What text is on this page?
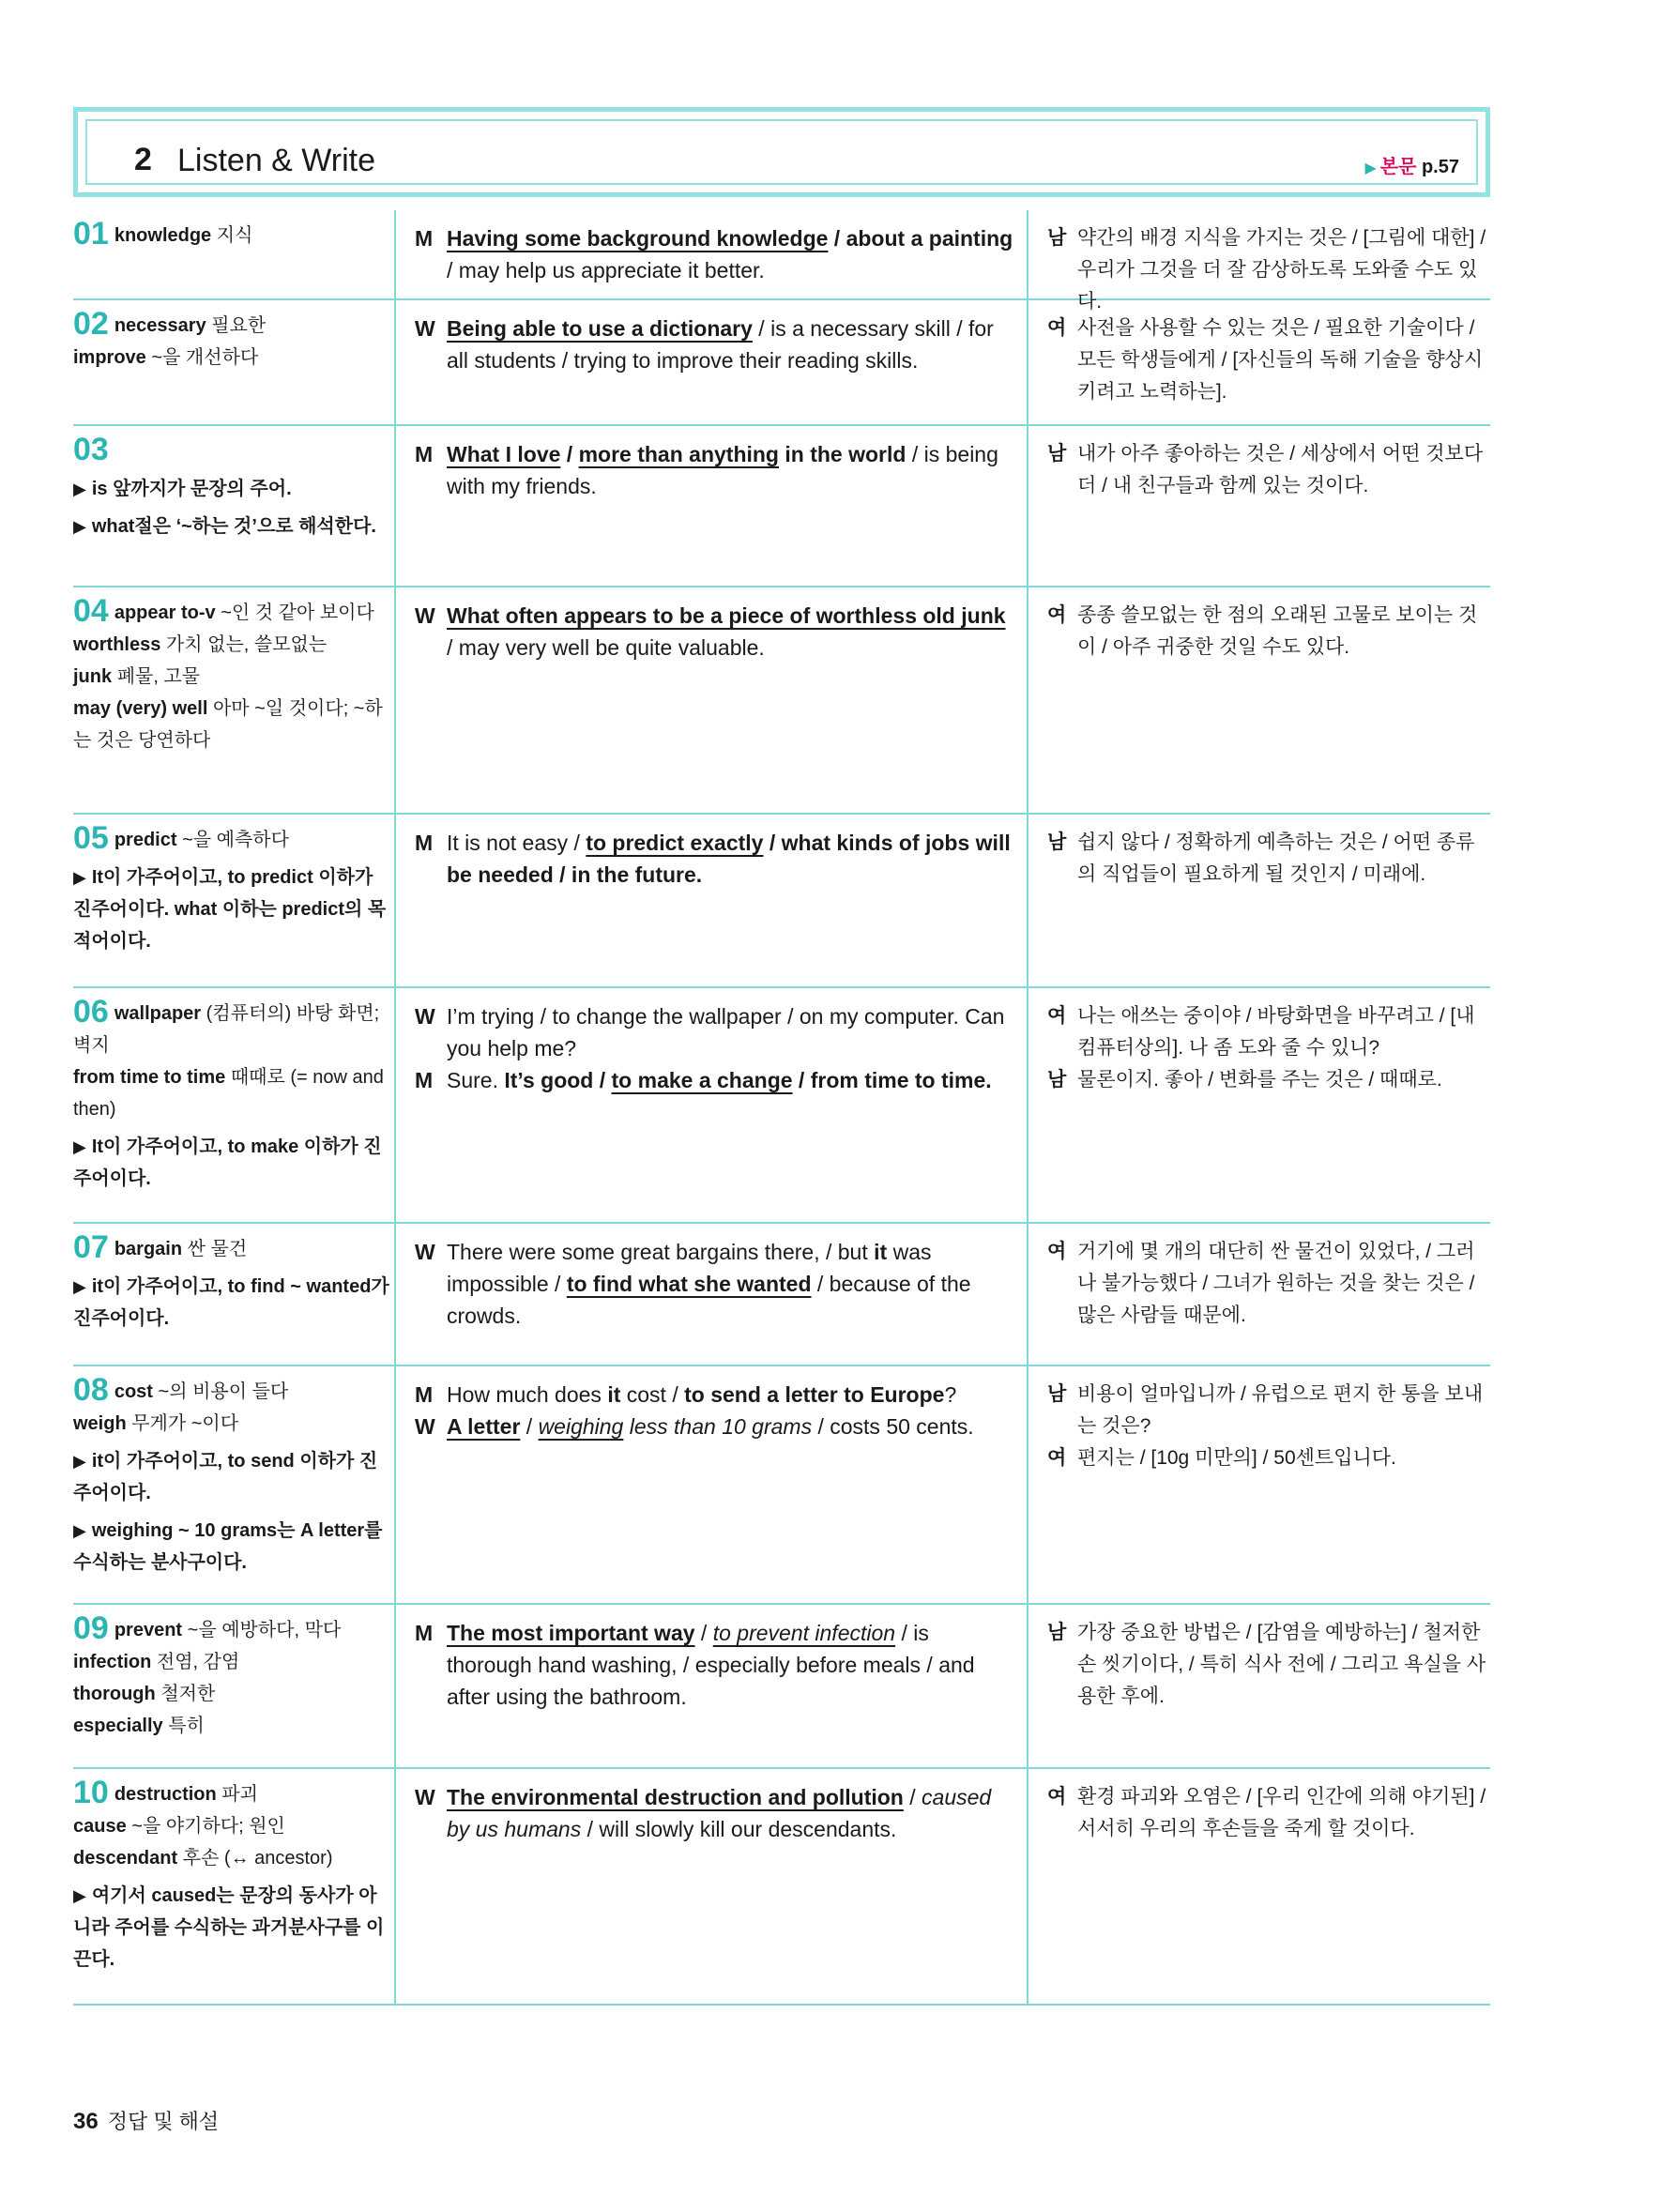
2 Listen & Write	▶ 본문 p.57
01 knowledge 지식	M Having some background knowledge / about a painting / may help us appreciate it better.
남 약간의 배경 지식을 가지는 것은 / [그림에 대한] / 우리가 그것을 더 잘 감상하도록 도와줄 수도 있다.
02 necessary 필요한
improve ~을 개선하다
W Being able to use a dictionary / is a necessary skill / for all students / trying to improve their reading skills.
여 사전을 사용할 수 있는 것은 / 필요한 기술이다 / 모든 학생들에게 / [자신들의 독해 기술을 향상시키려고 노력하는].
03
▶ is 앞까지가 문장의 주어.
▶ what절은 ‘~하는 것’으로 해석한다.
M What I love / more than anything in the world / is being with my friends.
남 내가 아주 좋아하는 것은 / 세상에서 어떤 것보다 더 / 내 친구들과 함께 있는 것이다.
04 appear to-v ~인 것 같아 보이다
worthless 가치 없는, 쓸모없는
junk 폐물, 고물
may (very) well 아마 ~일 것이다; ~하는 것은 당연하다
W What often appears to be a piece of worthless old junk / may very well be quite valuable.
여 종종 쓸모없는 한 점의 오래된 고물로 보이는 것이 / 아주 귀중한 것일 수도 있다.
05 predict ~을 예측하다
▶ It이 가주어이고, to predict 이하가 진주어이다. what 이하는 predict의 목적어이다.
M It is not easy / to predict exactly / what kinds of jobs will be needed / in the future.
남 쉽지 않다 / 정확하게 예측하는 것은 / 어떤 종류의 직업들이 필요하게 될 것인지 / 미래에.
06 wallpaper (컴퓨터의) 바탕 화면; 벽지
from time to time 때때로 (= now and then)
▶ It이 가주어이고, to make 이하가 진주어이다.
W I’m trying / to change the wallpaper / on my computer. Can you help me?
M Sure. It’s good / to make a change / from time to time.
여 나는 애쓰는 중이야 / 바탕화면을 바꾸려고 / [내 컴퓨터상의]. 나 좀 도와 줄 수 있니?
남 물론이지. 좋아 / 변화를 주는 것은 / 때때로.
07 bargain 싼 물건
▶ it이 가주어이고, to find ~ wanted가 진주어이다.
W There were some great bargains there, / but it was impossible / to find what she wanted / because of the crowds.
여 거기에 몇 개의 대단히 싼 물건이 있었다, / 그러나 불가능했다 / 그녀가 원하는 것을 찾는 것은 / 많은 사람들 때문에.
08 cost ~의 비용이 들다
weigh 무게가 ~이다
▶ it이 가주어이고, to send 이하가 진주어이다.
▶ weighing ~ 10 grams는 A letter를 수식하는 분사구이다.
M How much does it cost / to send a letter to Europe?
W A letter / weighing less than 10 grams / costs 50 cents.
남 비용이 얼마입니까 / 유럽으로 편지 한 통을 보내는 것은?
여 편지는 / [10g 미만의] / 50센트입니다.
09 prevent ~을 예방하다, 막다
infection 전염, 감염
thorough 철저한
especially 특히
M The most important way / to prevent infection / is thorough hand washing, / especially before meals / and after using the bathroom.
남 가장 중요한 방법은 / [감염을 예방하는] / 철저한 손 씻기이다, / 특히 식사 전에 / 그리고 욕실을 사용한 후에.
10 destruction 파괴
cause ~을 야기하다; 원인
descendant 후손 (↔ ancestor)
▶ 여기서 caused는 문장의 동사가 아니라 주어를 수식하는 과거분사구를 이끈다.
W The environmental destruction and pollution / caused by us humans / will slowly kill our descendants.
여 환경 파괴와 오염은 / [우리 인간에 의해 야기된] / 서서히 우리의 후손들을 죽게 할 것이다.
36 정답 및 해설
